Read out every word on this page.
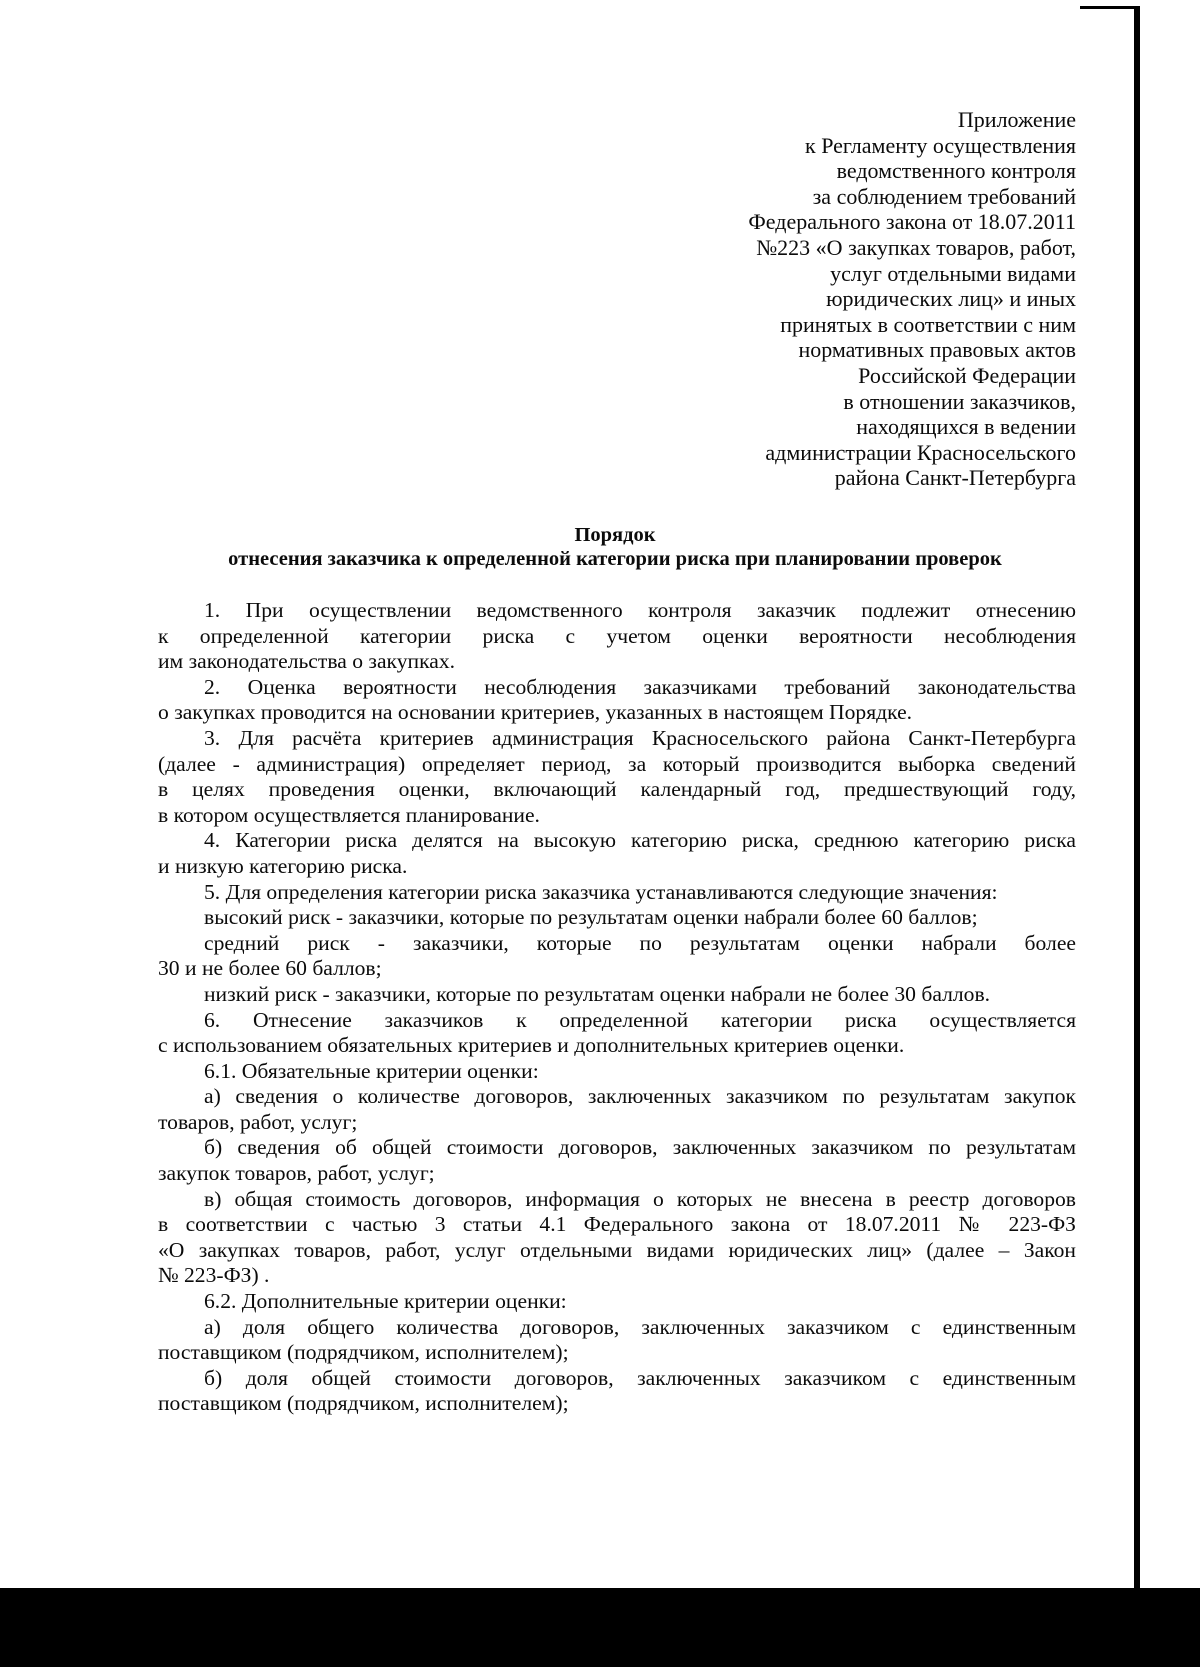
Приложение
к Регламенту осуществления
ведомственного контроля
за соблюдением требований
Федерального закона от 18.07.2011
№223 «О закупках товаров, работ,
услуг отдельными видами
юридических лиц» и иных
принятых в соответствии с ним
нормативных правовых актов
Российской Федерации
в отношении заказчиков,
находящихся в ведении
администрации Красносельского
района Санкт-Петербурга
Порядок
отнесения заказчика к определенной категории риска при планировании проверок
1. При осуществлении ведомственного контроля заказчик подлежит отнесению
к определенной категории риска с учетом оценки вероятности несоблюдения
им законодательства о закупках.
2. Оценка вероятности несоблюдения заказчиками требований законодательства
о закупках проводится на основании критериев, указанных в настоящем Порядке.
3. Для расчёта критериев администрация Красносельского района Санкт-Петербурга
(далее - администрация) определяет период, за который производится выборка сведений
в целях проведения оценки, включающий календарный год, предшествующий году,
в котором осуществляется планирование.
4. Категории риска делятся на высокую категорию риска, среднюю категорию риска
и низкую категорию риска.
5. Для определения категории риска заказчика устанавливаются следующие значения:
высокий риск - заказчики, которые по результатам оценки набрали более 60 баллов;
средний риск - заказчики, которые по результатам оценки набрали более
30 и не более 60 баллов;
низкий риск - заказчики, которые по результатам оценки набрали не более 30 баллов.
6. Отнесение заказчиков к определенной категории риска осуществляется
с использованием обязательных критериев и дополнительных критериев оценки.
6.1. Обязательные критерии оценки:
а) сведения о количестве договоров, заключенных заказчиком по результатам закупок
товаров, работ, услуг;
б) сведения об общей стоимости договоров, заключенных заказчиком по результатам
закупок товаров, работ, услуг;
в) общая стоимость договоров, информация о которых не внесена в реестр договоров
в соответствии с частью 3 статьи 4.1 Федерального закона от 18.07.2011 № 223-ФЗ
«О закупках товаров, работ, услуг отдельными видами юридических лиц» (далее – Закон
№ 223-ФЗ) .
6.2. Дополнительные критерии оценки:
а) доля общего количества договоров, заключенных заказчиком с единственным
поставщиком (подрядчиком, исполнителем);
б) доля общей стоимости договоров, заключенных заказчиком с единственным
поставщиком (подрядчиком, исполнителем);
